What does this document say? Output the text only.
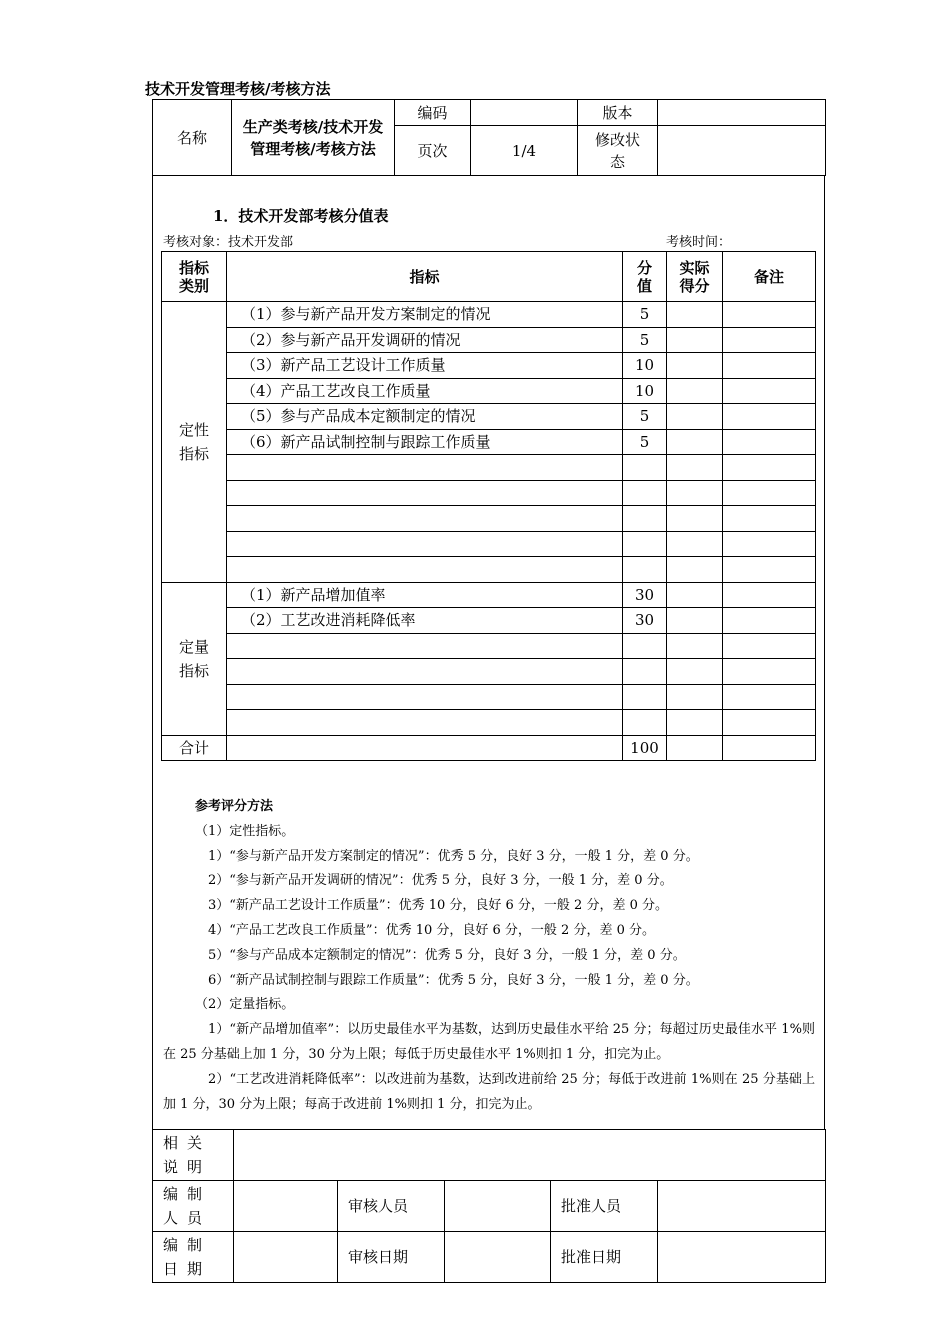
技术开发管理考核/考核方法
名称	生产类考核/技术开发管理考核/考核方法	编码		版本	
		页次	1/4	修改状态	
1．技术开发部考核分值表
考核对象：技术开发部	考核时间：
指标类别	指标	分值	实际得分	备注
定性指标	（1）参与新产品开发方案制定的情况	5		
	（2）参与新产品开发调研的情况	5		
	（3）新产品工艺设计工作质量	10		
	（4）产品工艺改良工作质量	10		
	（5）参与产品成本定额制定的情况	5		
	（6）新产品试制控制与跟踪工作质量	5		

定量指标	（1）新产品增加值率	30		
	（2）工艺改进消耗降低率	30		

合计		100		
参考评分方法
（1）定性指标。
1）“参与新产品开发方案制定的情况”：优秀 5 分，良好 3 分，一般 1 分，差 0 分。
2）“参与新产品开发调研的情况”：优秀 5 分，良好 3 分，一般 1 分，差 0 分。
3）“新产品工艺设计工作质量”：优秀 10 分，良好 6 分，一般 2 分，差 0 分。
4）“产品工艺改良工作质量”：优秀 10 分，良好 6 分，一般 2 分，差 0 分。
5）“参与产品成本定额制定的情况”：优秀 5 分，良好 3 分，一般 1 分，差 0 分。
6）“新产品试制控制与跟踪工作质量”：优秀 5 分，良好 3 分，一般 1 分，差 0 分。
（2）定量指标。
1）“新产品增加值率”：以历史最佳水平为基数，达到历史最佳水平给 25 分；每超过历史最佳水平 1%则在 25 分基础上加 1 分，30 分为上限；每低于历史最佳水平 1%则扣 1 分，扣完为止。
2）“工艺改进消耗降低率”：以改进前为基数，达到改进前给 25 分；每低于改进前 1%则在 25 分基础上加 1 分，30 分为上限；每高于改进前 1%则扣 1 分，扣完为止。
相关说明					
编制人员		审核人员		批准人员	
编制日期		审核日期		批准日期	
